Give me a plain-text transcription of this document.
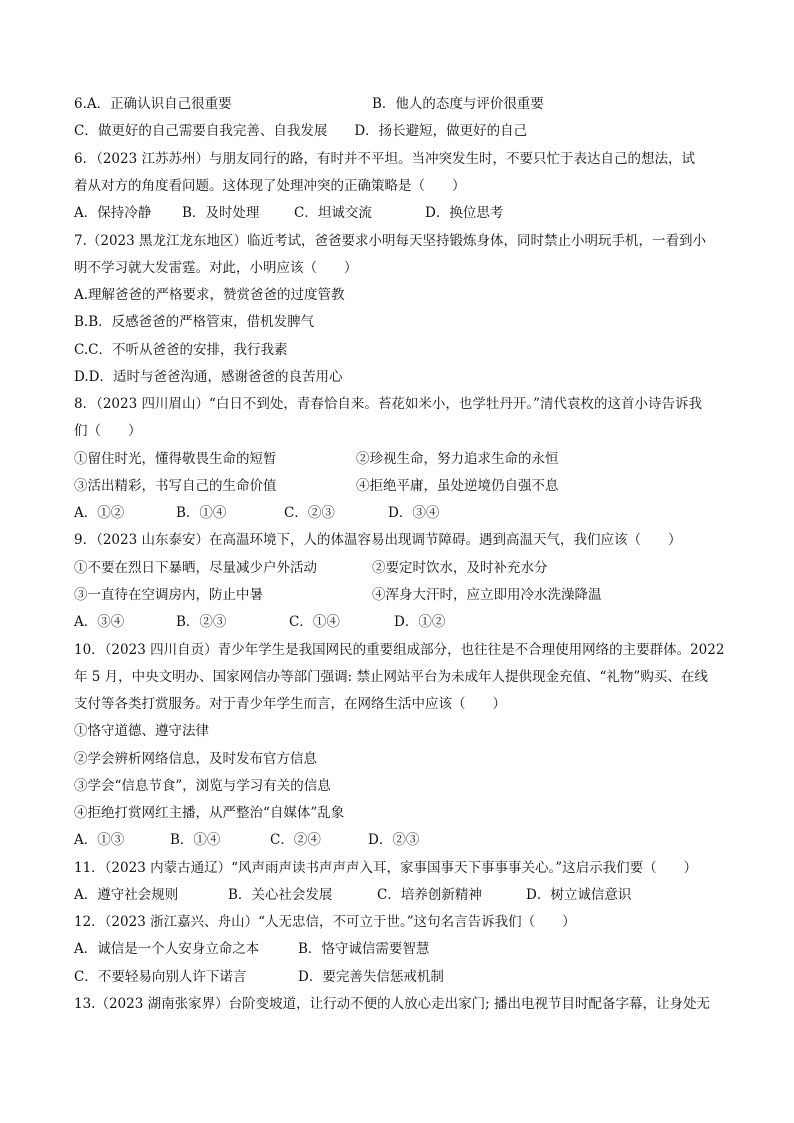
6.A．正确认识自己很重要	B．他人的态度与评价很重要
C．做更好的自己需要自我完善、自我发展　　D．扬长避短，做更好的自己
6．（2023 江苏苏州）与朋友同行的路，有时并不平坦。当冲突发生时，不要只忙于表达自己的想法，试
着从对方的角度看问题。这体现了处理冲突的正确策略是（　　）
A．保持冷静 B．及时处理	C．坦诚交流	D．换位思考
7.（2023 黑龙江龙东地区）临近考试，爸爸要求小明每天坚持锻炼身体，同时禁止小明玩手机，一看到小
明不学习就大发雷霆。对此，小明应该（　　）
A.理解爸爸的严格要求，赞赏爸爸的过度管教
B.B．反感爸爸的严格管束，借机发脾气
C.C．不听从爸爸的安排，我行我素
D.D．适时与爸爸沟通，感谢爸爸的良苦用心
8．（2023 四川眉山）“白日不到处，青春恰自来。苔花如米小，也学牡丹开。”清代袁枚的这首小诗告诉我
们（　　）
①留住时光，懂得敬畏生命的短暂	②珍视生命，努力追求生命的永恒
③活出精彩，书写自己的生命价值	④拒绝平庸，虽处逆境仍自强不息
A．①②	B．①④	C．②③	D．③④
9．（2023 山东泰安）在高温环境下，人的体温容易出现调节障碍。遇到高温天气，我们应该（　　）
①不要在烈日下暴晒，尽量减少户外活动	②要定时饮水，及时补充水分
③一直待在空调房内，防止中暑	④浑身大汗时，应立即用冷水洗澡降温
A．③④	B．②③	C．①④	D．①②
10．（2023 四川自贡）青少年学生是我国网民的重要组成部分，也往往是不合理使用网络的主要群体。2022
年 5 月，中央文明办、国家网信办等部门强调: 禁止网站平台为未成年人提供现金充值、“礼物”购买、在线
支付等各类打赏服务。对于青少年学生而言，在网络生活中应该（　　）
①恪守道德、遵守法律
②学会辨析网络信息，及时发布官方信息
③学会“信息节食”，浏览与学习有关的信息
④拒绝打赏网红主播，从严整治“自媒体”乱象
A．①③	B．①④	C．②④	D．②③
11．（2023 内蒙古通辽）“风声雨声读书声声声入耳，家事国事天下事事事关心。”这启示我们要（　　）
A．遵守社会规则	B．关心社会发展	C．培养创新精神	D．树立诚信意识
12．（2023 浙江嘉兴、舟山）“人无忠信，不可立于世。”这句名言告诉我们（　　）
A．诚信是一个人安身立命之本	B．恪守诚信需要智慧
C．不要轻易向别人许下诺言	D．要完善失信惩戒机制
13.（2023 湖南张家界）台阶变坡道，让行动不便的人放心走出家门; 播出电视节目时配备字幕，让身处无
